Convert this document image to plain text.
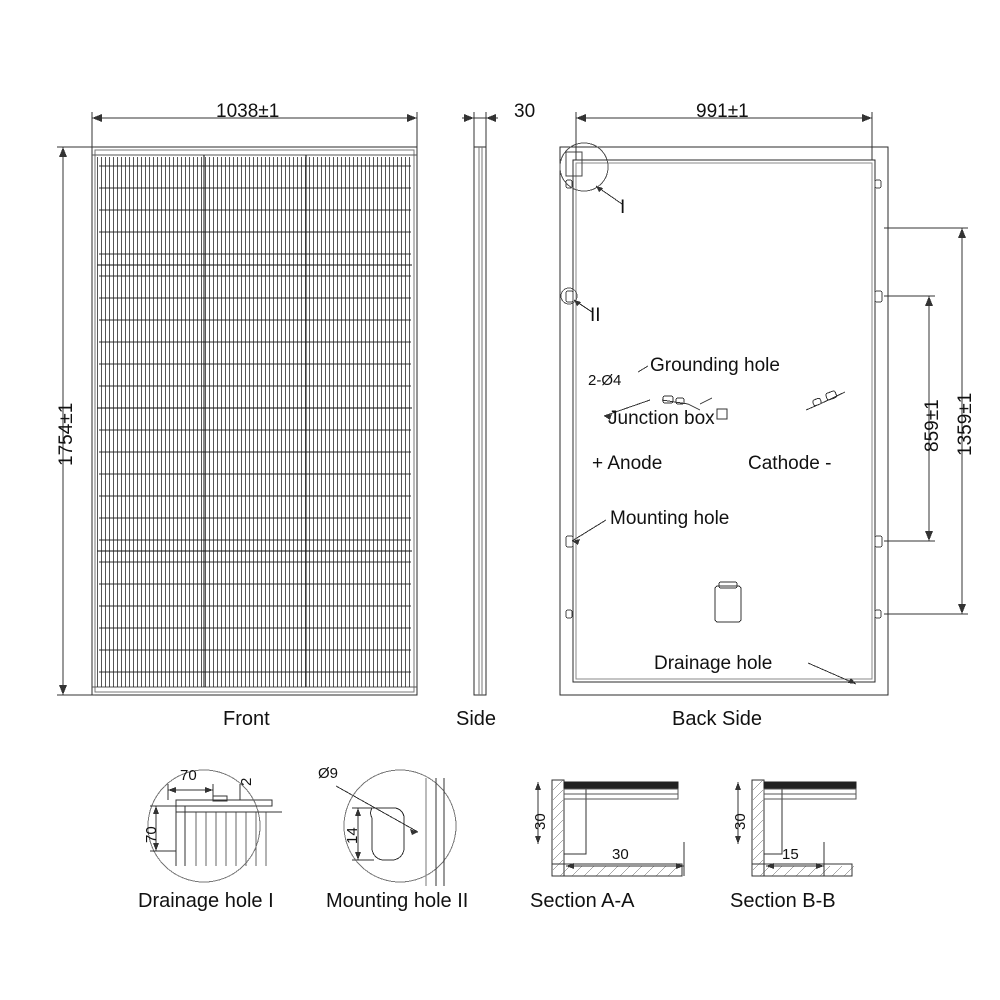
1038±1
1754±1
Front
30
Side
991±1
859±1 1359±1
Back Side
I
II
Grounding hole
2-Ø4
Junction box
+ Anode	Cathode -
Mounting hole
Drainage hole
70	2
70
Drainage hole I
Ø9
14
Mounting hole II
30
30
Section A-A
30
15
Section B-B
